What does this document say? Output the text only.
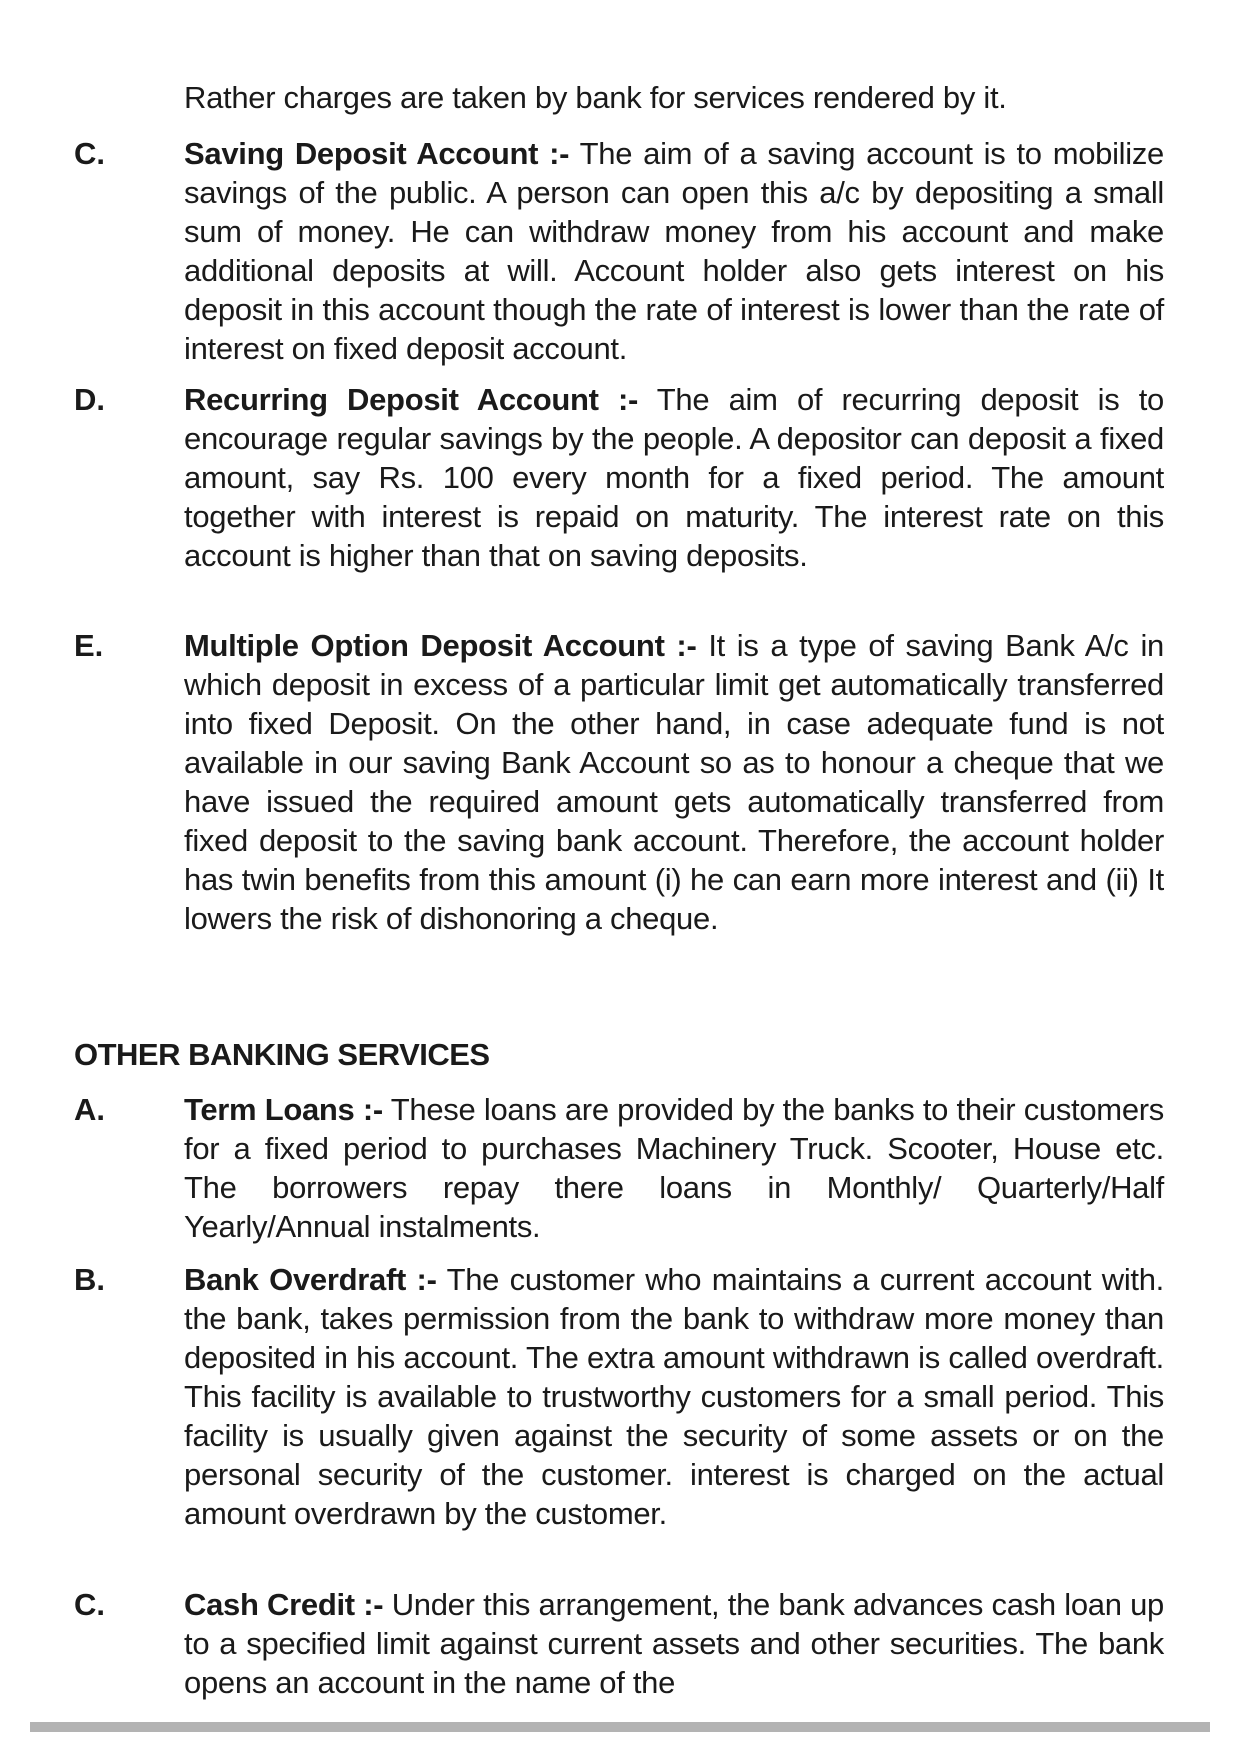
Rather charges are taken by bank for services rendered by it.
C.	Saving Deposit Account :- The aim of a saving account is to mobilize savings of the public. A person can open this a/c by depositing a small sum of money. He can withdraw money from his account and make additional deposits at will. Account holder also gets interest on his deposit in this account though the rate of interest is lower than the rate of interest on fixed deposit account.
D.	Recurring Deposit Account :- The aim of recurring deposit is to encourage regular savings by the people. A depositor can deposit a fixed amount, say Rs. 100 every month for a fixed period. The amount together with interest is repaid on maturity. The interest rate on this account is higher than that on saving deposits.
E.	Multiple Option Deposit Account :- It is a type of saving Bank A/c in which deposit in excess of a particular limit get automatically transferred into fixed Deposit. On the other hand, in case adequate fund is not available in our saving Bank Account so as to honour a cheque that we have issued the required amount gets automatically transferred from fixed deposit to the saving bank account. Therefore, the account holder has twin benefits from this amount (i) he can earn more interest and (ii) It lowers the risk of dishonoring a cheque.
OTHER BANKING SERVICES
A.	Term Loans :- These loans are provided by the banks to their customers for a fixed period to purchases Machinery Truck. Scooter, House etc. The borrowers repay there loans in Monthly/ Quarterly/Half Yearly/Annual instalments.
B.	Bank Overdraft :- The customer who maintains a current account with. the bank, takes permission from the bank to withdraw more money than deposited in his account. The extra amount withdrawn is called overdraft. This facility is available to trustworthy customers for a small period. This facility is usually given against the security of some assets or on the personal security of the customer. interest is charged on the actual amount overdrawn by the customer.
C.	Cash Credit :- Under this arrangement, the bank advances cash loan up to a specified limit against current assets and other securities. The bank opens an account in the name of the
